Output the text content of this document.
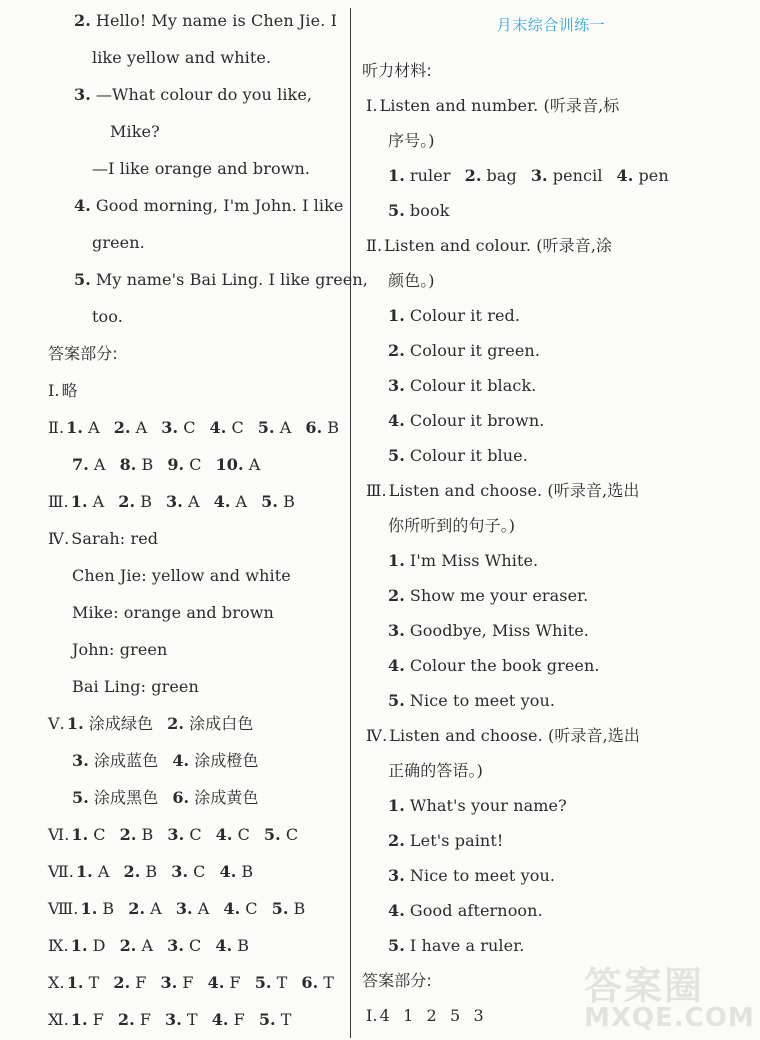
2. Hello! My name is Chen Jie. I
like yellow and white.
3. —What colour do you like,
Mike?
—I like orange and brown.
4. Good morning, I'm John. I like
green.
5. My name's Bai Ling. I like green,
too.
答案部分:
Ⅰ. 略
Ⅱ. 1. A 2. A 3. C 4. C 5. A 6. B
7. A 8. B 9. C 10. A
Ⅲ. 1. A 2. B 3. A 4. A 5. B
Ⅳ. Sarah: red
Chen Jie: yellow and white
Mike: orange and brown
John: green
Bai Ling: green
Ⅴ. 1. 涂成绿色 2. 涂成白色
3. 涂成蓝色 4. 涂成橙色
5. 涂成黑色 6. 涂成黄色
Ⅵ. 1. C 2. B 3. C 4. C 5. C
Ⅶ. 1. A 2. B 3. C 4. B
Ⅷ. 1. B 2. A 3. A 4. C 5. B
Ⅸ. 1. D 2. A 3. C 4. B
Ⅹ. 1. T 2. F 3. F 4. F 5. T 6. T
Ⅺ. 1. F 2. F 3. T 4. F 5. T
月末综合训练一
听力材料:
Ⅰ. Listen and number. (听录音,标
序号。)
1. ruler 2. bag 3. pencil 4. pen
5. book
Ⅱ. Listen and colour. (听录音,涂
颜色。)
1. Colour it red.
2. Colour it green.
3. Colour it black.
4. Colour it brown.
5. Colour it blue.
Ⅲ. Listen and choose. (听录音,选出
你所听到的句子。)
1. I'm Miss White.
2. Show me your eraser.
3. Goodbye, Miss White.
4. Colour the book green.
5. Nice to meet you.
Ⅳ. Listen and choose. (听录音,选出
正确的答语。)
1. What's your name?
2. Let's paint!
3. Nice to meet you.
4. Good afternoon.
5. I have a ruler.
答案部分:
Ⅰ. 4 1 2 5 3
答案圈
MXQE.COM
